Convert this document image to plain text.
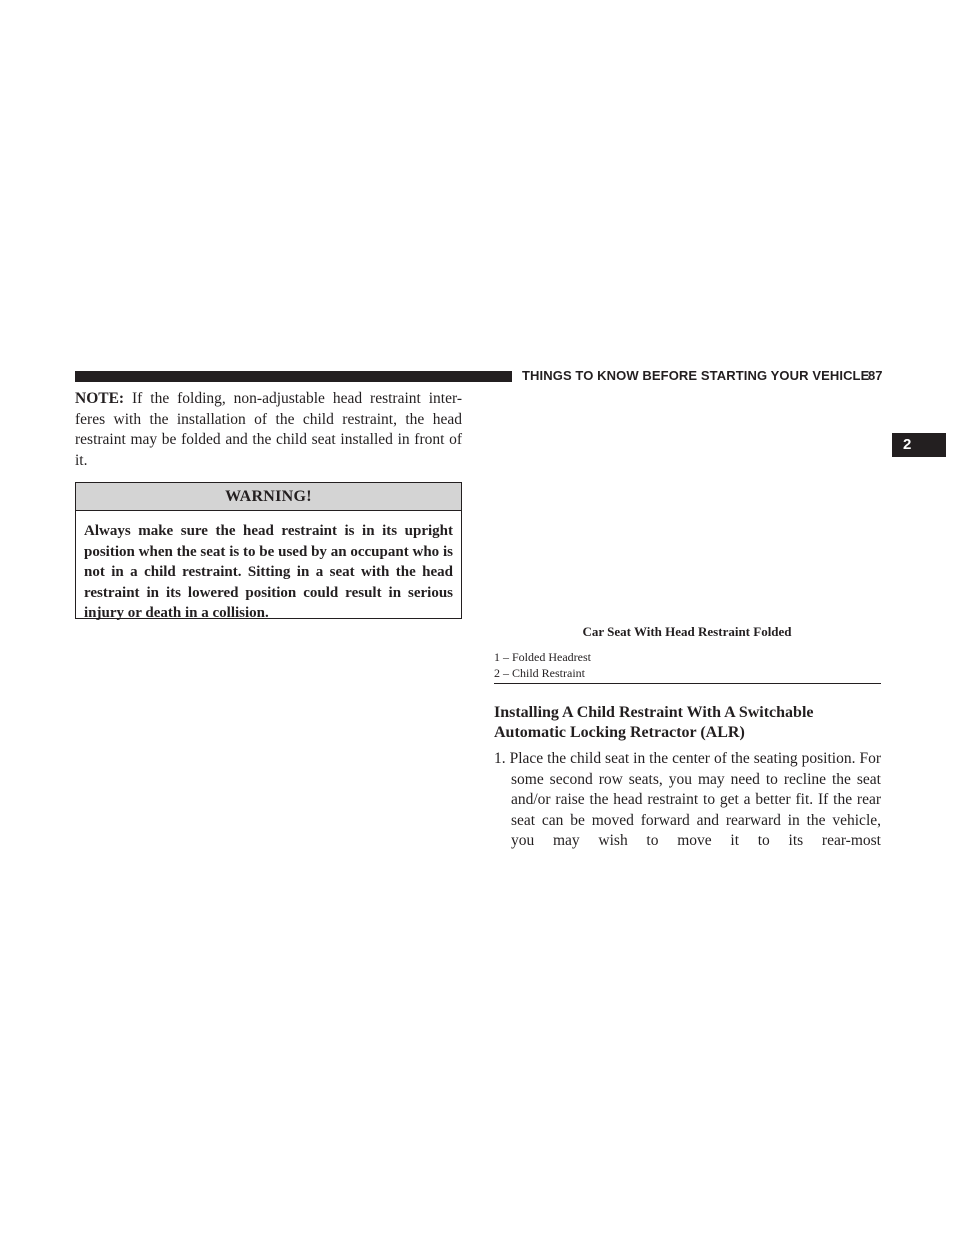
THINGS TO KNOW BEFORE STARTING YOUR VEHICLE
87
2

NOTE: If the folding, non-adjustable head restraint inter-feres with the installation of the child restraint, the head restraint may be folded and the child seat installed in front of it.

WARNING!

Always make sure the head restraint is in its upright position when the seat is to be used by an occupant who is not in a child restraint. Sitting in a seat with the head restraint in its lowered position could result in serious injury or death in a collision.

Car Seat With Head Restraint Folded
1 – Folded Headrest
2 – Child Restraint
Installing A Child Restraint With A Switchable Automatic Locking Retractor (ALR)

1. Place the child seat in the center of the seating position. For some second row seats, you may need to recline the seat and/or raise the head restraint to get a better fit. If the rear seat can be moved forward and rearward in the vehicle, you may wish to move it to its rear-most
